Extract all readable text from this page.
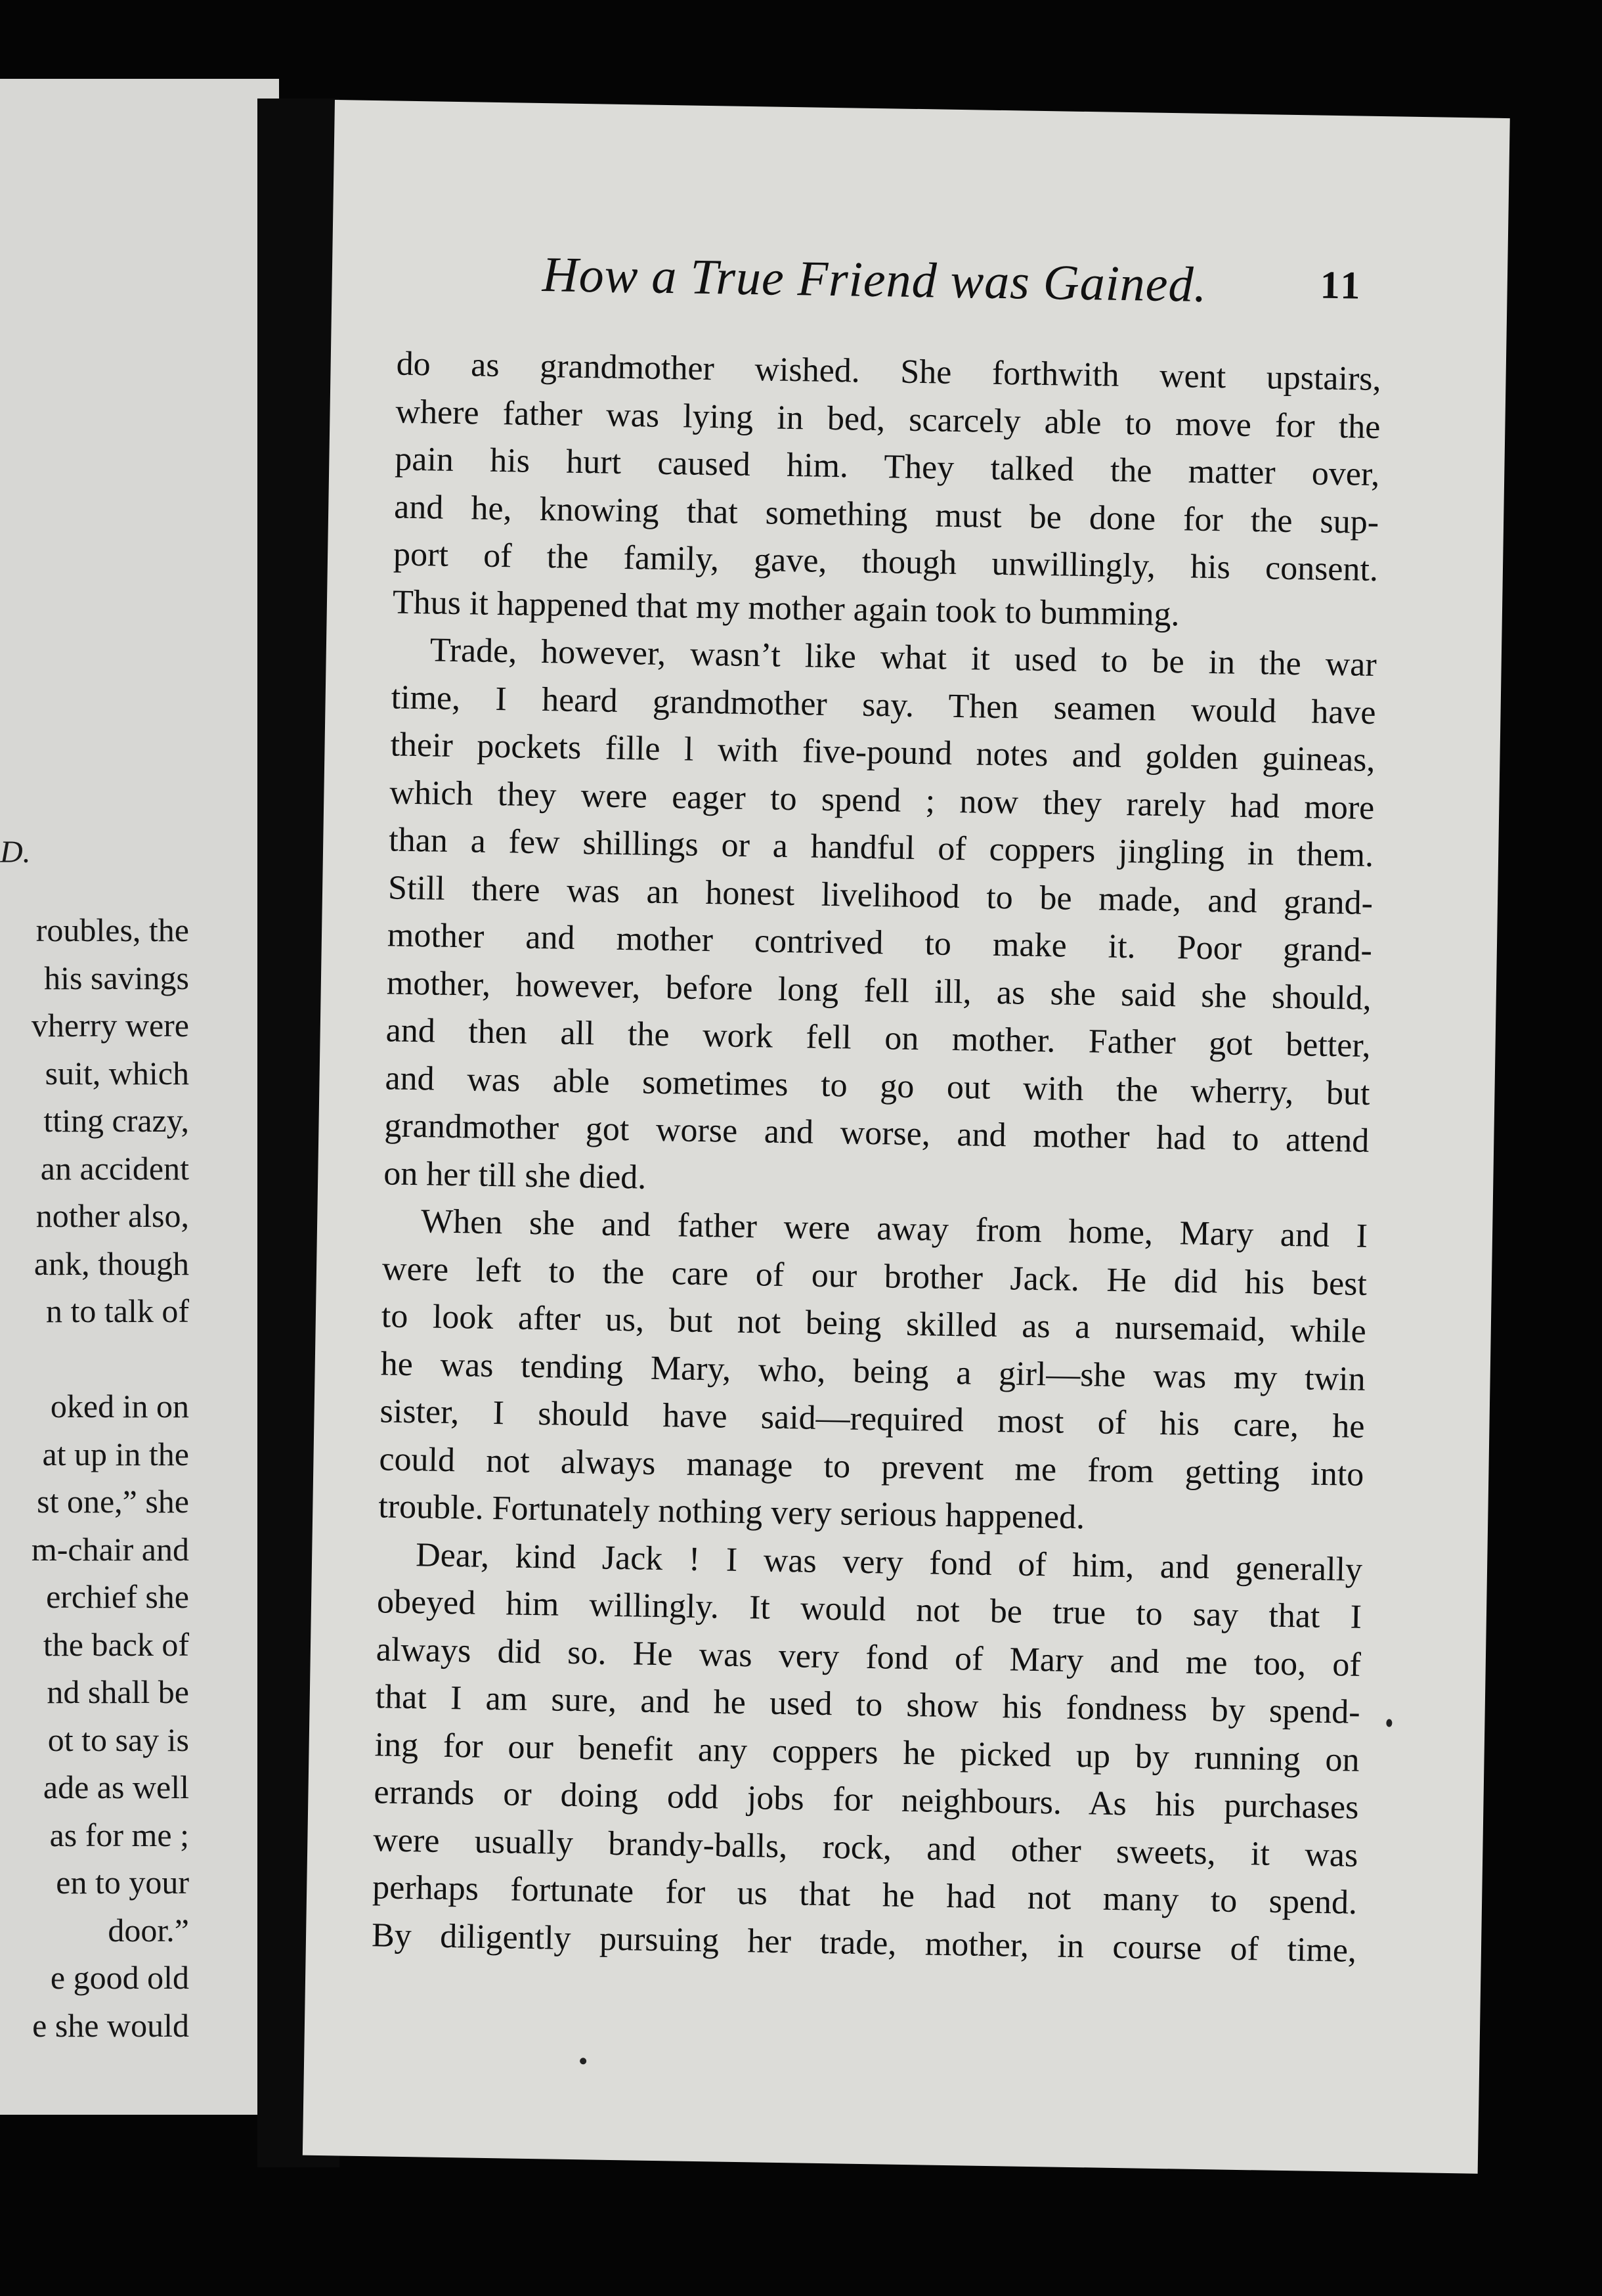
D.
roubles, the
his savings
vherry were
suit, which
tting crazy,
an accident
nother also,
ank, though
n to talk of
oked in on
at up in the
st one,” she
m-chair and
erchief she
the back of
nd shall be
ot to say is
ade as well
as for me ;
en to your
door.”
e good old
e she would
How a True Friend was Gained.	11
do as grandmother wished. She forthwith went upstairs,
where father was lying in bed, scarcely able to move for the
pain his hurt caused him. They talked the matter over,
and he, knowing that something must be done for the sup-
port of the family, gave, though unwillingly, his consent.
Thus it happened that my mother again took to bumming.
Trade, however, wasn’t like what it used to be in the war
time, I heard grandmother say. Then seamen would have
their pockets fille l with five-pound notes and golden guineas,
which they were eager to spend ; now they rarely had more
than a few shillings or a handful of coppers jingling in them.
Still there was an honest livelihood to be made, and grand-
mother and mother contrived to make it. Poor grand-
mother, however, before long fell ill, as she said she should,
and then all the work fell on mother. Father got better,
and was able sometimes to go out with the wherry, but
grandmother got worse and worse, and mother had to attend
on her till she died.
When she and father were away from home, Mary and I
were left to the care of our brother Jack. He did his best
to look after us, but not being skilled as a nursemaid, while
he was tending Mary, who, being a girl—she was my twin
sister, I should have said—required most of his care, he
could not always manage to prevent me from getting into
trouble. Fortunately nothing very serious happened.
Dear, kind Jack ! I was very fond of him, and generally
obeyed him willingly. It would not be true to say that I
always did so. He was very fond of Mary and me too, of
that I am sure, and he used to show his fondness by spend-
ing for our benefit any coppers he picked up by running on
errands or doing odd jobs for neighbours. As his purchases
were usually brandy-balls, rock, and other sweets, it was
perhaps fortunate for us that he had not many to spend.
By diligently pursuing her trade, mother, in course of time,
